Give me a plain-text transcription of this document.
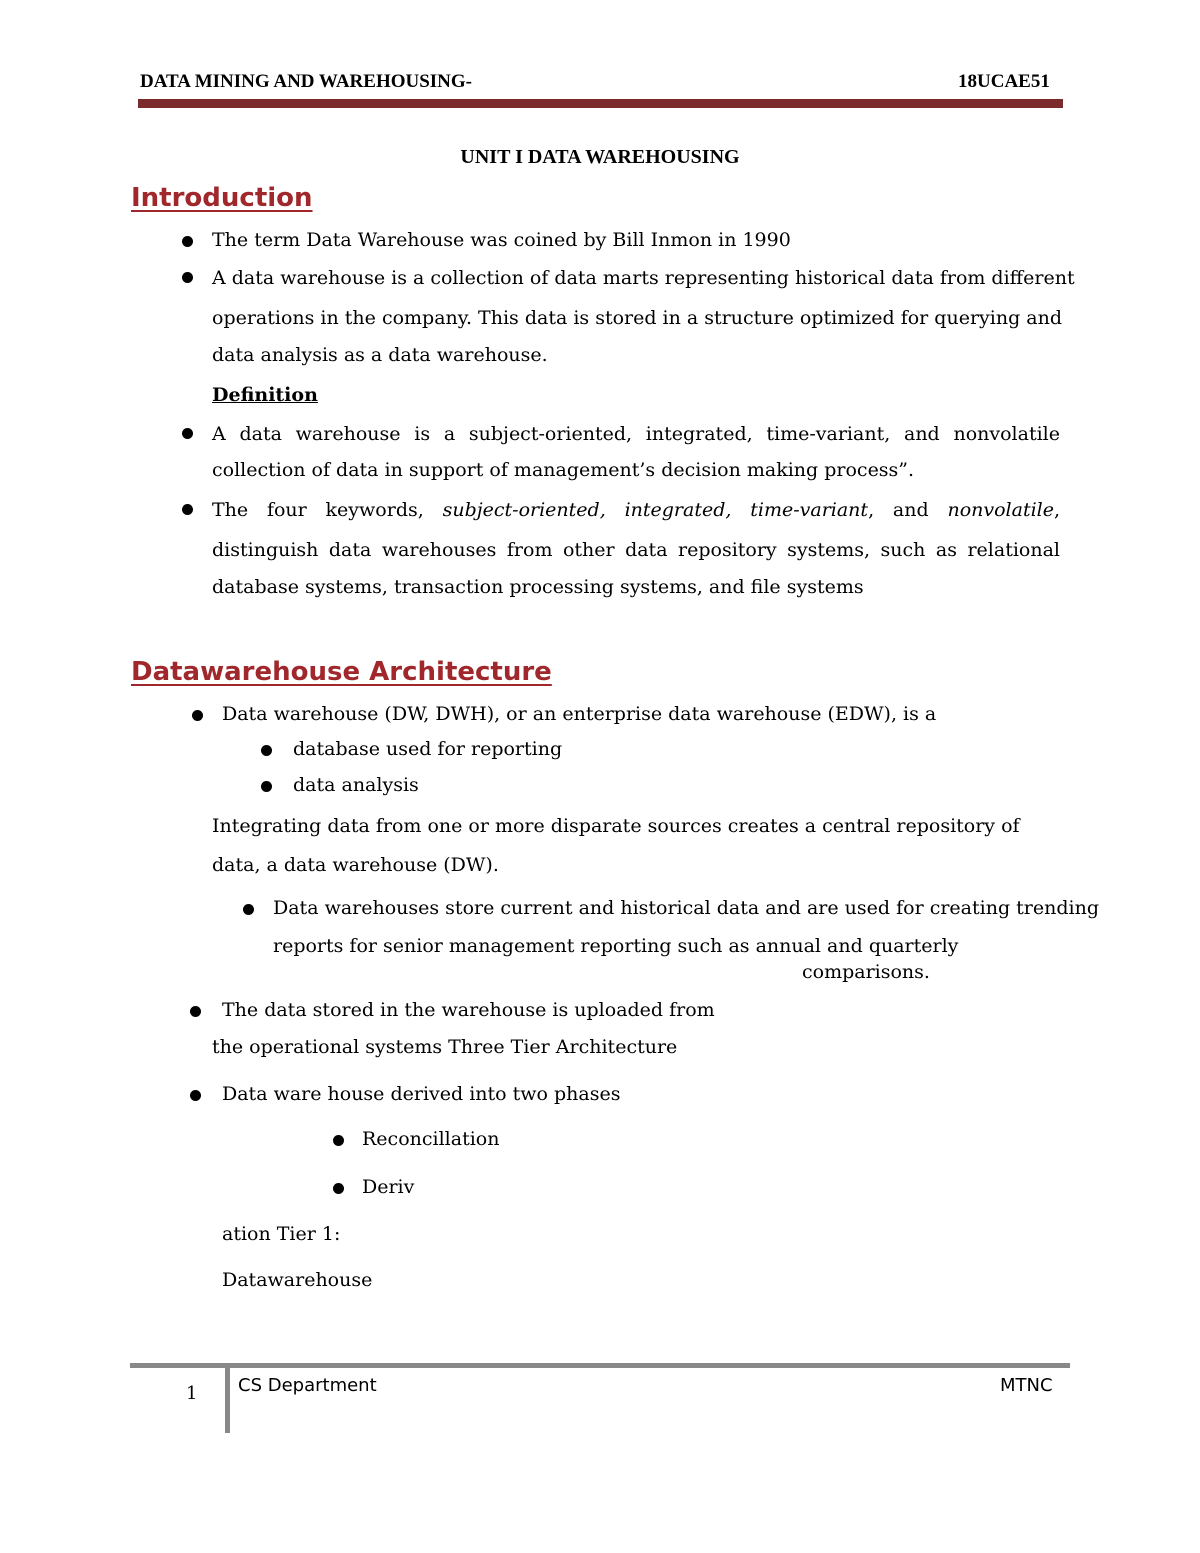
DATA MINING AND WAREHOUSING-	18UCAE51
UNIT I DATA WAREHOUSING
Introduction
The term Data Warehouse was coined by Bill Inmon in 1990
A data warehouse is a collection of data marts representing historical data from different
operations in the company. This data is stored in a structure optimized for querying and
data analysis as a data warehouse.
Definition
A data warehouse is a subject-oriented, integrated, time-variant, and nonvolatile
collection of data in support of management’s decision making process”.
The four keywords, subject-oriented, integrated, time-variant, and nonvolatile,
distinguish data warehouses from other data repository systems, such as relational
database systems, transaction processing systems, and file systems
Datawarehouse Architecture
Data warehouse (DW, DWH), or an enterprise data warehouse (EDW), is a
database used for reporting
data analysis
Integrating data from one or more disparate sources creates a central repository of
data, a data warehouse (DW).
Data warehouses store current and historical data and are used for creating trending
reports for senior management reporting such as annual and quarterly
comparisons.
The data stored in the warehouse is uploaded from
the operational systems Three Tier Architecture
Data ware house derived into two phases
Reconcillation
Deriv
ation Tier 1:
Datawarehouse
1 CS Department	MTNC
